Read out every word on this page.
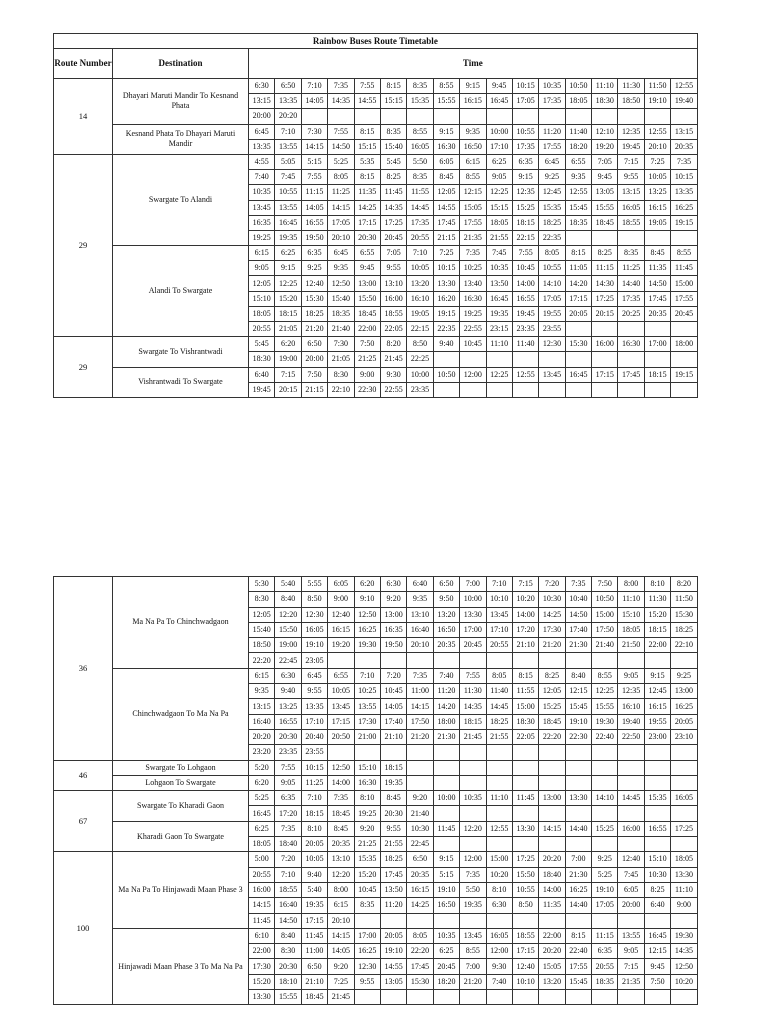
Rainbow Buses Route Timetable																		
Route Number	Destination	Time																
14	Dhayari Maruti Mandir To Kesnand Phata	6:30	6:50	7:10	7:35	7:55	8:15	8:35	8:55	9:15	9:45	10:15	10:35	10:50	11:10	11:30	11:50	12:55
		13:15	13:35	14:05	14:35	14:55	15:15	15:35	15:55	16:15	16:45	17:05	17:35	18:05	18:30	18:50	19:10	19:40
		20:00	20:20															
	Kesnand Phata To Dhayari Maruti Mandir	6:45	7:10	7:30	7:55	8:15	8:35	8:55	9:15	9:35	10:00	10:55	11:20	11:40	12:10	12:35	12:55	13:15
		13:35	13:55	14:15	14:50	15:15	15:40	16:05	16:30	16:50	17:10	17:35	17:55	18:20	19:20	19:45	20:10	20:35
29	Swargate To Alandi	4:55	5:05	5:15	5:25	5:35	5:45	5:50	6:05	6:15	6:25	6:35	6:45	6:55	7:05	7:15	7:25	7:35
		7:40	7:45	7:55	8:05	8:15	8:25	8:35	8:45	8:55	9:05	9:15	9:25	9:35	9:45	9:55	10:05	10:15
		10:35	10:55	11:15	11:25	11:35	11:45	11:55	12:05	12:15	12:25	12:35	12:45	12:55	13:05	13:15	13:25	13:35
		13:45	13:55	14:05	14:15	14:25	14:35	14:45	14:55	15:05	15:15	15:25	15:35	15:45	15:55	16:05	16:15	16:25
		16:35	16:45	16:55	17:05	17:15	17:25	17:35	17:45	17:55	18:05	18:15	18:25	18:35	18:45	18:55	19:05	19:15
		19:25	19:35	19:50	20:10	20:30	20:45	20:55	21:15	21:35	21:55	22:15	22:35					
	Alandi To Swargate	6:15	6:25	6:35	6:45	6:55	7:05	7:10	7:25	7:35	7:45	7:55	8:05	8:15	8:25	8:35	8:45	8:55
		9:05	9:15	9:25	9:35	9:45	9:55	10:05	10:15	10:25	10:35	10:45	10:55	11:05	11:15	11:25	11:35	11:45
		12:05	12:25	12:40	12:50	13:00	13:10	13:20	13:30	13:40	13:50	14:00	14:10	14:20	14:30	14:40	14:50	15:00
		15:10	15:20	15:30	15:40	15:50	16:00	16:10	16:20	16:30	16:45	16:55	17:05	17:15	17:25	17:35	17:45	17:55
		18:05	18:15	18:25	18:35	18:45	18:55	19:05	19:15	19:25	19:35	19:45	19:55	20:05	20:15	20:25	20:35	20:45
		20:55	21:05	21:20	21:40	22:00	22:05	22:15	22:35	22:55	23:15	23:35	23:55					
29	Swargate To Vishrantwadi	5:45	6:20	6:50	7:30	7:50	8:20	8:50	9:40	10:45	11:10	11:40	12:30	15:30	16:00	16:30	17:00	18:00
		18:30	19:00	20:00	21:05	21:25	21:45	22:25										
	Vishrantwadi To Swargate	6:40	7:15	7:50	8:30	9:00	9:30	10:00	10:50	12:00	12:25	12:55	13:45	16:45	17:15	17:45	18:15	19:15
		19:45	20:15	21:15	22:10	22:30	22:55	23:35										
36	Ma Na Pa To Chinchwadgaon	5:30	5:40	5:55	6:05	6:20	6:30	6:40	6:50	7:00	7:10	7:15	7:20	7:35	7:50	8:00	8:10	8:20
		8:30	8:40	8:50	9:00	9:10	9:20	9:35	9:50	10:00	10:10	10:20	10:30	10:40	10:50	11:10	11:30	11:50
		12:05	12:20	12:30	12:40	12:50	13:00	13:10	13:20	13:30	13:45	14:00	14:25	14:50	15:00	15:10	15:20	15:30
		15:40	15:50	16:05	16:15	16:25	16:35	16:40	16:50	17:00	17:10	17:20	17:30	17:40	17:50	18:05	18:15	18:25
		18:50	19:00	19:10	19:20	19:30	19:50	20:10	20:35	20:45	20:55	21:10	21:20	21:30	21:40	21:50	22:00	22:10
		22:20	22:45	23:05														
	Chinchwadgaon To Ma Na Pa	6:15	6:30	6:45	6:55	7:10	7:20	7:35	7:40	7:55	8:05	8:15	8:25	8:40	8:55	9:05	9:15	9:25
		9:35	9:40	9:55	10:05	10:25	10:45	11:00	11:20	11:30	11:40	11:55	12:05	12:15	12:25	12:35	12:45	13:00
		13:15	13:25	13:35	13:45	13:55	14:05	14:15	14:20	14:35	14:45	15:00	15:25	15:45	15:55	16:10	16:15	16:25
		16:40	16:55	17:10	17:15	17:30	17:40	17:50	18:00	18:15	18:25	18:30	18:45	19:10	19:30	19:40	19:55	20:05
		20:20	20:30	20:40	20:50	21:00	21:10	21:20	21:30	21:45	21:55	22:05	22:20	22:30	22:40	22:50	23:00	23:10
		23:20	23:35	23:55														
46	Swargate To Lohgaon	5:20	7:55	10:15	12:50	15:10	18:15											
	Lohgaon To Swargate	6:20	9:05	11:25	14:00	16:30	19:35											
67	Swargate To Kharadi Gaon	5:25	6:35	7:10	7:35	8:10	8:45	9:20	10:00	10:35	11:10	11:45	13:00	13:30	14:10	14:45	15:35	16:05
		16:45	17:20	18:15	18:45	19:25	20:30	21:40										
	Kharadi Gaon To Swargate	6:25	7:35	8:10	8:45	9:20	9:55	10:30	11:45	12:20	12:55	13:30	14:15	14:40	15:25	16:00	16:55	17:25
		18:05	18:40	20:05	20:35	21:25	21:55	22:45										
100	Ma Na Pa To Hinjawadi Maan Phase 3	5:00	7:20	10:05	13:10	15:35	18:25	6:50	9:15	12:00	15:00	17:25	20:20	7:00	9:25	12:40	15:10	18:05
		20:55	7:10	9:40	12:20	15:20	17:45	20:35	5:15	7:35	10:20	15:50	18:40	21:30	5:25	7:45	10:30	13:30
		16:00	18:55	5:40	8:00	10:45	13:50	16:15	19:10	5:50	8:10	10:55	14:00	16:25	19:10	6:05	8:25	11:10
		14:15	16:40	19:35	6:15	8:35	11:20	14:25	16:50	19:35	6:30	8:50	11:35	14:40	17:05	20:00	6:40	9:00
		11:45	14:50	17:15	20:10													
	Hinjawadi Maan Phase 3 To Ma Na Pa	6:10	8:40	11:45	14:15	17:00	20:05	8:05	10:35	13:45	16:05	18:55	22:00	8:15	11:15	13:55	16:45	19:30
		22:00	8:30	11:00	14:05	16:25	19:10	22:20	6:25	8:55	12:00	17:15	20:20	22:40	6:35	9:05	12:15	14:35
		17:30	20:30	6:50	9:20	12:30	14:55	17:45	20:45	7:00	9:30	12:40	15:05	17:55	20:55	7:15	9:45	12:50
		15:20	18:10	21:10	7:25	9:55	13:05	15:30	18:20	21:20	7:40	10:10	13:20	15:45	18:35	21:35	7:50	10:20
		13:30	15:55	18:45	21:45													
